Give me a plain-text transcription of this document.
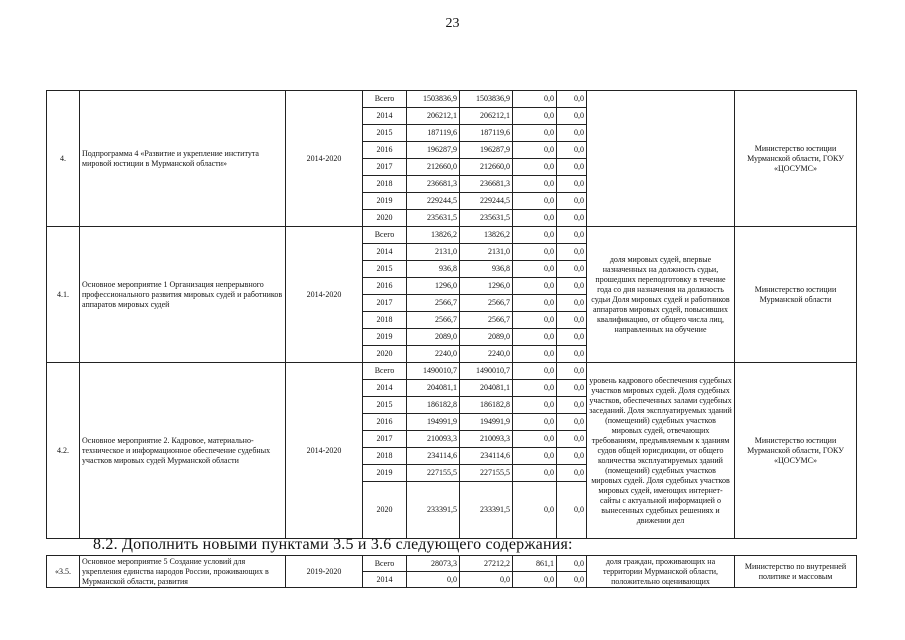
23
4.	Подпрограмма 4 «Развитие и укрепление института мировой юстиции в Мурманской области»	2014-2020	Всего	1503836,9	1503836,9	0,0	0,0		Министерство юстиции Мурманской области, ГОКУ «ЦОСУМС»
			2014	206212,1	206212,1	0,0	0,0		
			2015	187119,6	187119,6	0,0	0,0		
			2016	196287,9	196287,9	0,0	0,0		
			2017	212660,0	212660,0	0,0	0,0		
			2018	236681,3	236681,3	0,0	0,0		
			2019	229244,5	229244,5	0,0	0,0		
			2020	235631,5	235631,5	0,0	0,0		
4.1.	Основное мероприятие 1 Организация непрерывного профессионального развития мировых судей и работников аппаратов мировых судей	2014-2020	Всего	13826,2	13826,2	0,0	0,0	доля мировых судей, впервые назначенных на должность судьи, прошедших переподготовку в течение года со дня назначения на должность судьи Доля мировых судей и работников аппаратов мировых судей, повысивших квалификацию, от общего числа лиц, направленных на обучение	Министерство юстиции Мурманской области
			2014	2131,0	2131,0	0,0	0,0		
			2015	936,8	936,8	0,0	0,0		
			2016	1296,0	1296,0	0,0	0,0		
			2017	2566,7	2566,7	0,0	0,0		
			2018	2566,7	2566,7	0,0	0,0		
			2019	2089,0	2089,0	0,0	0,0		
			2020	2240,0	2240,0	0,0	0,0		
4.2.	Основное мероприятие 2. Кадровое, материально-техническое и информационное обеспечение судебных участков мировых судей Мурманской области	2014-2020	Всего	1490010,7	1490010,7	0,0	0,0	уровень кадрового обеспечения судебных участков мировых судей. Доля судебных участков, обеспеченных залами судебных заседаний. Доля эксплуатируемых зданий (помещений) судебных участков мировых судей, отвечающих требованиям, предъявляемым к зданиям судов общей юрисдикции, от общего количества эксплуатируемых зданий (помещений) судебных участков мировых судей. Доля судебных участков мировых судей, имеющих интернет-сайты с актуальной информацией о вынесенных судебных решениях и движении дел	Министерство юстиции Мурманской области, ГОКУ «ЦОСУМС»
			2014	204081,1	204081,1	0,0	0,0		
			2015	186182,8	186182,8	0,0	0,0		
			2016	194991,9	194991,9	0,0	0,0		
			2017	210093,3	210093,3	0,0	0,0		
			2018	234114,6	234114,6	0,0	0,0		
			2019	227155,5	227155,5	0,0	0,0		
			2020	233391,5	233391,5	0,0	0,0		
8.2. Дополнить новыми пунктами 3.5 и 3.6 следующего содержания:
«3.5.	Основное мероприятие 5 Создание условий для укрепления единства народов России, проживающих в Мурманской области, развития	2019-2020	Всего	28073,3	27212,2	861,1	0,0	доля граждан, проживающих на территории Мурманской области, положительно оценивающих	Министерство по внутренней политике и массовым
			2014	0,0	0,0	0,0	0,0		
